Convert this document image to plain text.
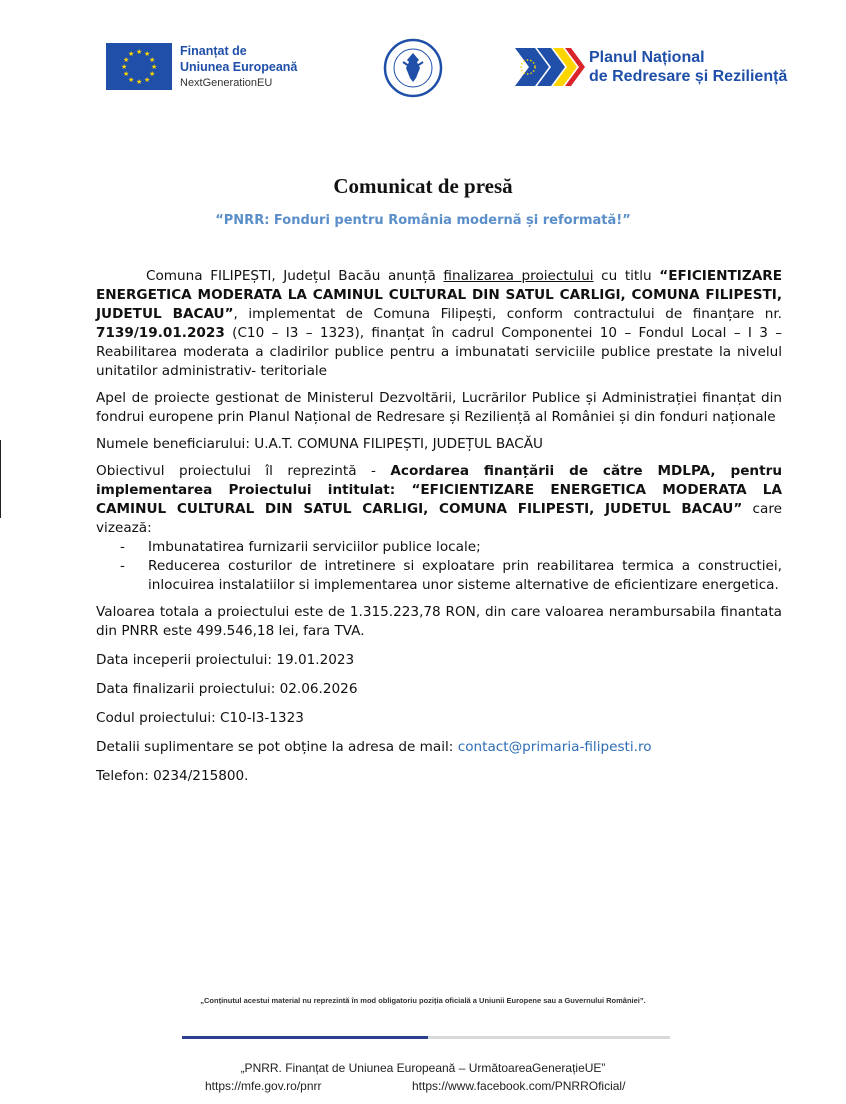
★ ★
★
★
★
★
★
★
★
★
★
★	Finanțat de
Uniunea Europeană
NextGenerationEU
Planul Național
de Redresare și Reziliență
Comunicat de presă
“PNRR: Fonduri pentru România modernă și reformată!”

Comuna FILIPEȘTI, Județul Bacău anunță finalizarea proiectului cu titlu “EFICIENTIZARE ENERGETICA MODERATA LA CAMINUL CULTURAL DIN SATUL CARLIGI, COMUNA FILIPESTI, JUDETUL BACAU”, implementat de Comuna Filipești, conform contractului de finanțare nr. 7139/19.01.2023 (C10 – I3 – 1323), finanțat în cadrul Componentei 10 – Fondul Local – I 3 – Reabilitarea moderata a cladirilor publice pentru a imbunatati serviciile publice prestate la nivelul unitatilor administrativ- teritoriale

Apel de proiecte gestionat de Ministerul Dezvoltării, Lucrărilor Publice și Administrației finanțat din fondrui europene prin Planul Național de Redresare și Reziliență al României și din fonduri naționale

Numele beneficiarului: U.A.T. COMUNA FILIPEȘTI, JUDEȚUL BACĂU

Obiectivul proiectului îl reprezintă - Acordarea finanțării de către MDLPA, pentru implementarea Proiectului intitulat: “EFICIENTIZARE ENERGETICA MODERATA LA CAMINUL CULTURAL DIN SATUL CARLIGI, COMUNA FILIPESTI, JUDETUL BACAU” care vizează:

- Imbunatatirea furnizarii serviciilor publice locale;
- Reducerea costurilor de intretinere si exploatare prin reabilitarea termica a constructiei, inlocuirea instalatiilor si implementarea unor sisteme alternative de eficientizare energetica.

Valoarea totala a proiectului este de 1.315.223,78 RON, din care valoarea nerambursabila finantata din PNRR este 499.546,18 lei, fara TVA.

Data inceperii proiectului: 19.01.2023

Data finalizarii proiectului: 02.06.2026

Codul proiectului: C10-I3-1323

Detalii suplimentare se pot obține la adresa de mail: contact@primaria-filipesti.ro

Telefon: 0234/215800.

„Conținutul acestui material nu reprezintă în mod obligatoriu poziția oficială a Uniunii Europene sau a Guvernului României”.
„PNRR. Finanțat de Uniunea Europeană – UrmătoareaGenerațieUE”
https://mfe.gov.ro/pnrr	https://www.facebook.com/PNRROficial/
